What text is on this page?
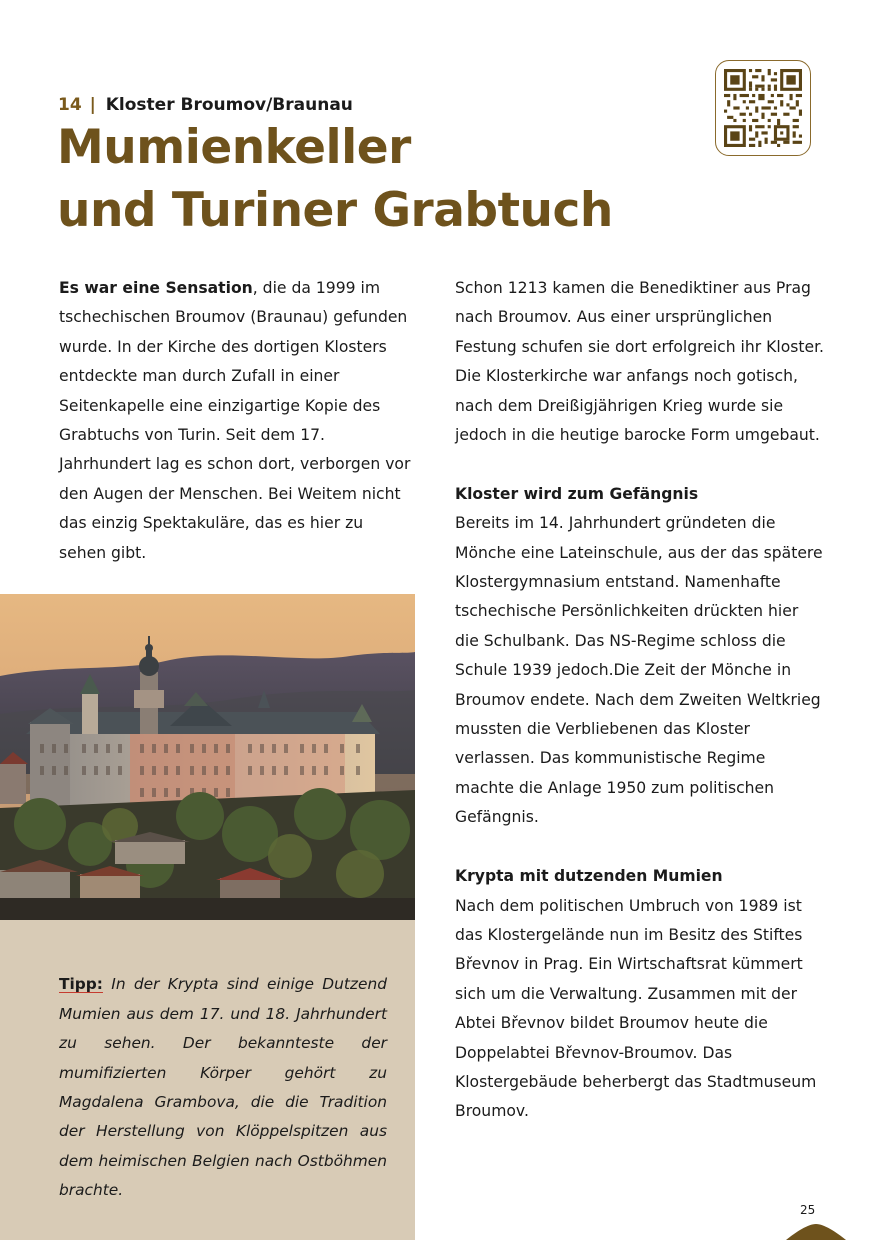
14 | Kloster Broumov/Braunau
Mumienkeller
und Turiner Grabtuch

Es war eine Sensation, die da 1999 im tschechischen Broumov (Braunau) gefunden wurde. In der Kirche des dortigen Klosters entdeckte man durch Zufall in einer Seitenkapelle eine einzigartige Kopie des Grabtuchs von Turin. Seit dem 17. Jahrhundert lag es schon dort, verborgen vor den Augen der Menschen. Bei Weitem nicht das einzig Spektakuläre, das es hier zu sehen gibt.

Schon 1213 kamen die Benediktiner aus Prag nach Broumov. Aus einer ursprünglichen Festung schufen sie dort erfolgreich ihr Kloster. Die Klosterkirche war anfangs noch gotisch, nach dem Dreißigjährigen Krieg wurde sie jedoch in die heutige barocke Form umgebaut.

Kloster wird zum Gefängnis

Bereits im 14. Jahrhundert gründeten die Mönche eine Lateinschule, aus der das spätere Klostergymnasium entstand. Namenhafte tschechische Persönlichkeiten drückten hier die Schulbank. Das NS-Regime schloss die Schule 1939 jedoch.Die Zeit der Mönche in Broumov endete. Nach dem Zweiten Weltkrieg mussten die Verbliebenen das Kloster verlassen. Das kommunistische Regime machte die Anlage 1950 zum politischen Gefängnis.

Krypta mit dutzenden Mumien

Nach dem politischen Umbruch von 1989 ist das Klostergelände nun im Besitz des Stiftes Břevnov in Prag. Ein Wirtschaftsrat kümmert sich um die Verwaltung. Zusammen mit der Abtei Břevnov bildet Broumov heute die Doppelabtei Břevnov-Broumov. Das Klostergebäude beherbergt das Stadtmuseum Broumov.

Tipp: In der Krypta sind einige Dutzend Mumien aus dem 17. und 18. Jahrhundert zu sehen. Der bekannteste der mumifizierten Körper gehört zu Magdalena Grambova, die die Tradition der Herstellung von Klöppelspitzen aus dem heimischen Belgien nach Ostböhmen brachte.

25
